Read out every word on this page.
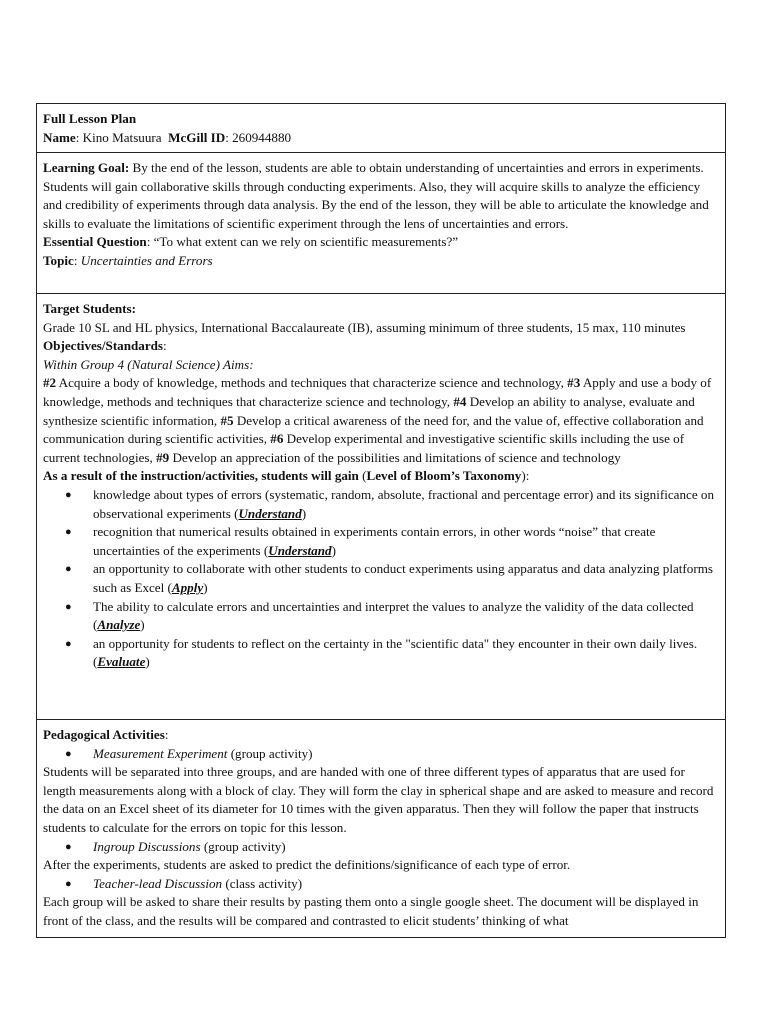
Full Lesson Plan

Name: Kino Matsuura McGill ID: 260944880

Learning Goal: By the end of the lesson, students are able to obtain understanding of uncertainties and errors in experiments. Students will gain collaborative skills through conducting experiments. Also, they will acquire skills to analyze the efficiency and credibility of experiments through data analysis. By the end of the lesson, they will be able to articulate the knowledge and skills to evaluate the limitations of scientific experiment through the lens of uncertainties and errors.

Essential Question: “To what extent can we rely on scientific measurements?”

Topic: Uncertainties and Errors

Target Students:

Grade 10 SL and HL physics, International Baccalaureate (IB), assuming minimum of three students, 15 max, 110 minutes

Objectives/Standards:

Within Group 4 (Natural Science) Aims:

#2 Acquire a body of knowledge, methods and techniques that characterize science and technology, #3 Apply and use a body of knowledge, methods and techniques that characterize science and technology, #4 Develop an ability to analyse, evaluate and synthesize scientific information, #5 Develop a critical awareness of the need for, and the value of, effective collaboration and communication during scientific activities, #6 Develop experimental and investigative scientific skills including the use of current technologies, #9 Develop an appreciation of the possibilities and limitations of science and technology

As a result of the instruction/activities, students will gain (Level of Bloom’s Taxonomy):

● knowledge about types of errors (systematic, random, absolute, fractional and percentage error) and its significance on observational experiments (Understand)
● recognition that numerical results obtained in experiments contain errors, in other words “noise” that create uncertainties of the experiments (Understand)
● an opportunity to collaborate with other students to conduct experiments using apparatus and data analyzing platforms such as Excel (Apply)
● The ability to calculate errors and uncertainties and interpret the values to analyze the validity of the data collected (Analyze)
● an opportunity for students to reflect on the certainty in the "scientific data" they encounter in their own daily lives. (Evaluate)

Pedagogical Activities:

● Measurement Experiment (group activity)

Students will be separated into three groups, and are handed with one of three different types of apparatus that are used for length measurements along with a block of clay. They will form the clay in spherical shape and are asked to measure and record the data on an Excel sheet of its diameter for 10 times with the given apparatus. Then they will follow the paper that instructs students to calculate for the errors on topic for this lesson.

● Ingroup Discussions (group activity)

After the experiments, students are asked to predict the definitions/significance of each type of error.

● Teacher-lead Discussion (class activity)

Each group will be asked to share their results by pasting them onto a single google sheet. The document will be displayed in front of the class, and the results will be compared and contrasted to elicit students’ thinking of what
